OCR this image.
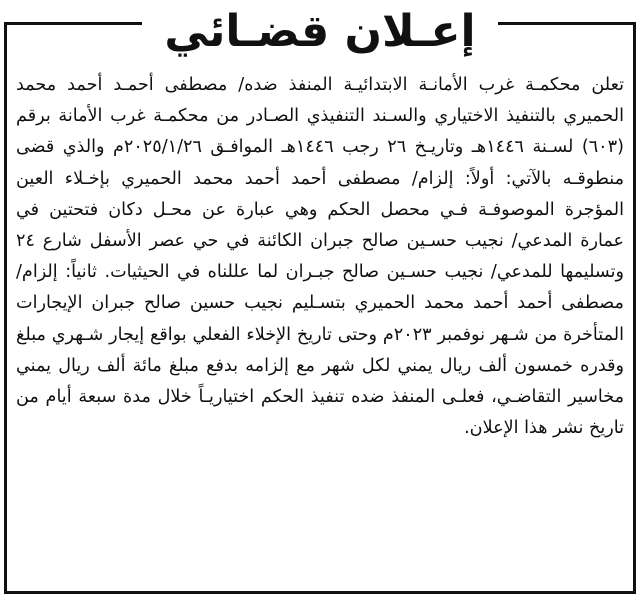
إعـلان قضـائي

تعلن محكمـة غرب الأمانـة الابتدائيـة المنفذ ضده/ مصطفى أحمـد أحمد محمد الحميري بالتنفيذ الاختياري والسـند التنفيذي الصـادر من محكمـة غرب الأمانة برقم (٦٠٣) لسـنة ١٤٤٦هـ وتاريـخ ٢٦ رجب ١٤٤٦هـ الموافـق ٢٠٢٥/١/٢٦م والذي قضى منطوقـه بالآتي: أولاً: إلزام/ مصطفى أحمد أحمد محمد الحميري بإخـلاء العين المؤجرة الموصوفـة فـي محصل الحكم وهي عبارة عن محـل دكان فتحتين في عمارة المدعي/ نجيب حسـين صالح جبران الكائنة في حي عصر الأسفل شارع ٢٤ وتسليمها للمدعي/ نجيب حسـين صالح جبـران لما عللناه في الحيثيات. ثانياً: إلزام/ مصطفى أحمد أحمد محمد الحميري بتسـليم نجيب حسين صالح جبران الإيجارات المتأخرة من شـهر نوفمبر ٢٠٢٣م وحتى تاريخ الإخلاء الفعلي بواقع إيجار شـهري مبلغ وقدره خمسون ألف ريال يمني لكل شهر مع إلزامه بدفع مبلغ مائة ألف ريال يمني مخاسير التقاضـي، فعلـى المنفذ ضده تنفيذ الحكم اختياريـاً خلال مدة سبعة أيام من تاريخ نشر هذا الإعلان.
